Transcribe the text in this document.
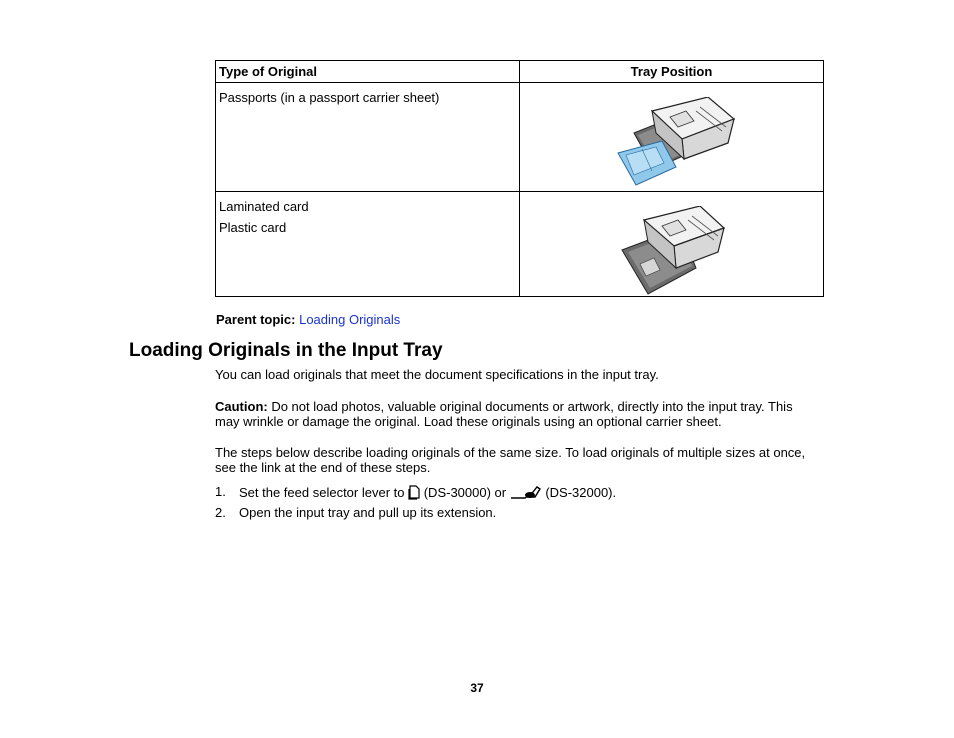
Type of Original	Tray Position

Passports (in a passport carrier sheet)

Laminated card
Plastic card

Parent topic: Loading Originals
Loading Originals in the Input Tray

You can load originals that meet the document specifications in the input tray.

Caution: Do not load photos, valuable original documents or artwork, directly into the input tray. This may wrinkle or damage the original. Load these originals using an optional carrier sheet.

The steps below describe loading originals of the same size. To load originals of multiple sizes at once, see the link at the end of these steps.

1. Set the feed selector lever to  (DS-30000) or  (DS-32000).
2. Open the input tray and pull up its extension.
37
